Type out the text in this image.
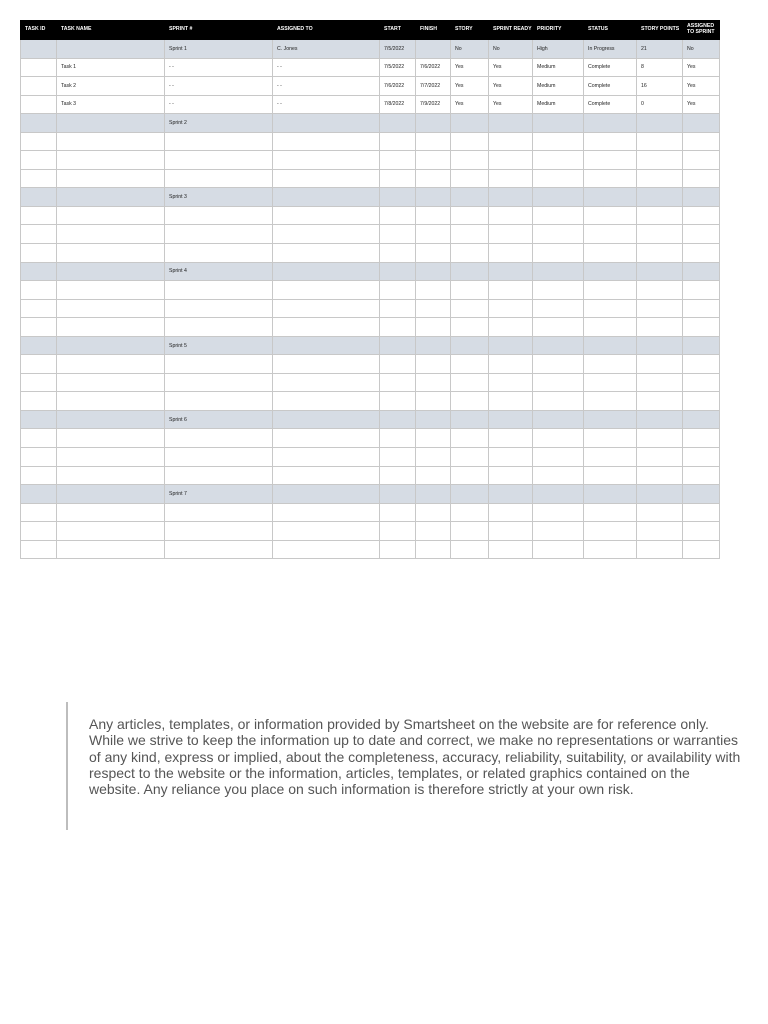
TASK ID	TASK NAME	SPRINT #	ASSIGNED TO	START	FINISH	STORY	SPRINT READY	PRIORITY	STATUS	STORY POINTS	ASSIGNED TO SPRINT
		Sprint 1	C. Jones	7/5/2022		No	No	High	In Progress	21	No
	Task 1	- -	- -	7/5/2022	7/6/2022	Yes	Yes	Medium	Complete	8	Yes
	Task 2	- -	- -	7/6/2022	7/7/2022	Yes	Yes	Medium	Complete	16	Yes
	Task 3	- -	- -	7/8/2022	7/9/2022	Yes	Yes	Medium	Complete	0	Yes
		Sprint 2									

		Sprint 3									

		Sprint 4									

		Sprint 5									

		Sprint 6									

		Sprint 7									

Any articles, templates, or information provided by Smartsheet on the website are for reference only. While we strive to keep the information up to date and correct, we make no representations or warranties of any kind, express or implied, about the completeness, accuracy, reliability, suitability, or availability with respect to the website or the information, articles, templates, or related graphics contained on the website. Any reliance you place on such information is therefore strictly at your own risk.
